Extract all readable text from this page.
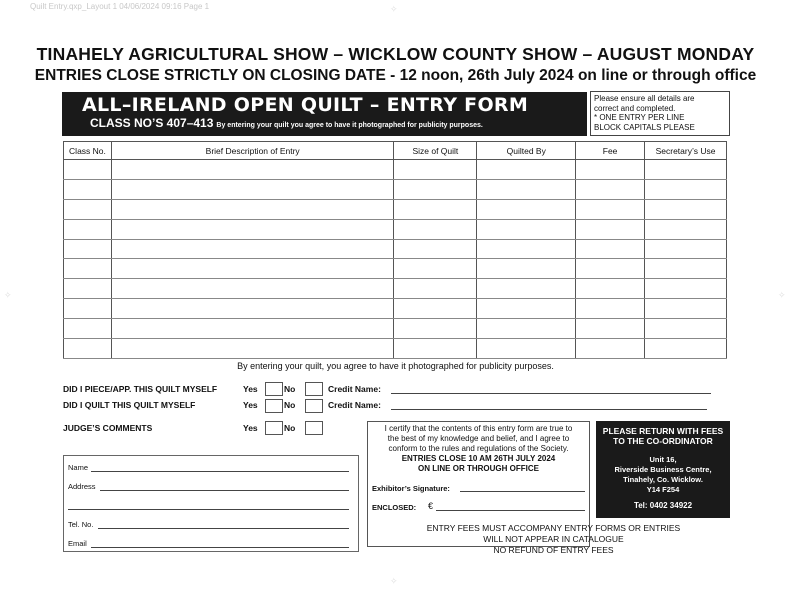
Quilt Entry.qxp_Layout 1 04/06/2024 09:16 Page 1	✧
✧	✧
✧
TINAHELY AGRICULTURAL SHOW – WICKLOW COUNTY SHOW – AUGUST MONDAY
ENTRIES CLOSE STRICTLY ON CLOSING DATE - 12 noon, 26th July 2024 on line or through office
ALL–IRELAND OPEN QUILT – ENTRY FORM
CLASS NO’S 407–413 By entering your quilt you agree to have it photographed for publicity purposes.
Please ensure all details are
correct and completed.
* ONE ENTRY PER LINE
BLOCK CAPITALS PLEASE
Class No.	Brief Description of Entry	Size of Quilt	Quilted By	Fee	Secretary’s Use

By entering your quilt, you agree to have it photographed for publicity purposes.
DID I PIECE/APP. THIS QUILT MYSELF	Yes	No	Credit Name:
DID I QUILT THIS QUILT MYSELF	Yes	No	Credit Name:
JUDGE’S COMMENTS	Yes	No
Name
Address
Tel. No.
Email
I certify that the contents of this entry form are true to
the best of my knowledge and belief, and I agree to
conform to the rules and regulations of the Society.
ENTRIES CLOSE 10 AM 26TH JULY 2024
ON LINE OR THROUGH OFFICE
Exhibitor’s Signature:
ENCLOSED: €
PLEASE RETURN WITH FEES
TO THE CO-ORDINATOR
Unit 16,
Riverside Business Centre,
Tinahely, Co. Wicklow.
Y14 F254
Tel: 0402 34922
ENTRY FEES MUST ACCOMPANY ENTRY FORMS OR ENTRIES
WILL NOT APPEAR IN CATALOGUE
NO REFUND OF ENTRY FEES
